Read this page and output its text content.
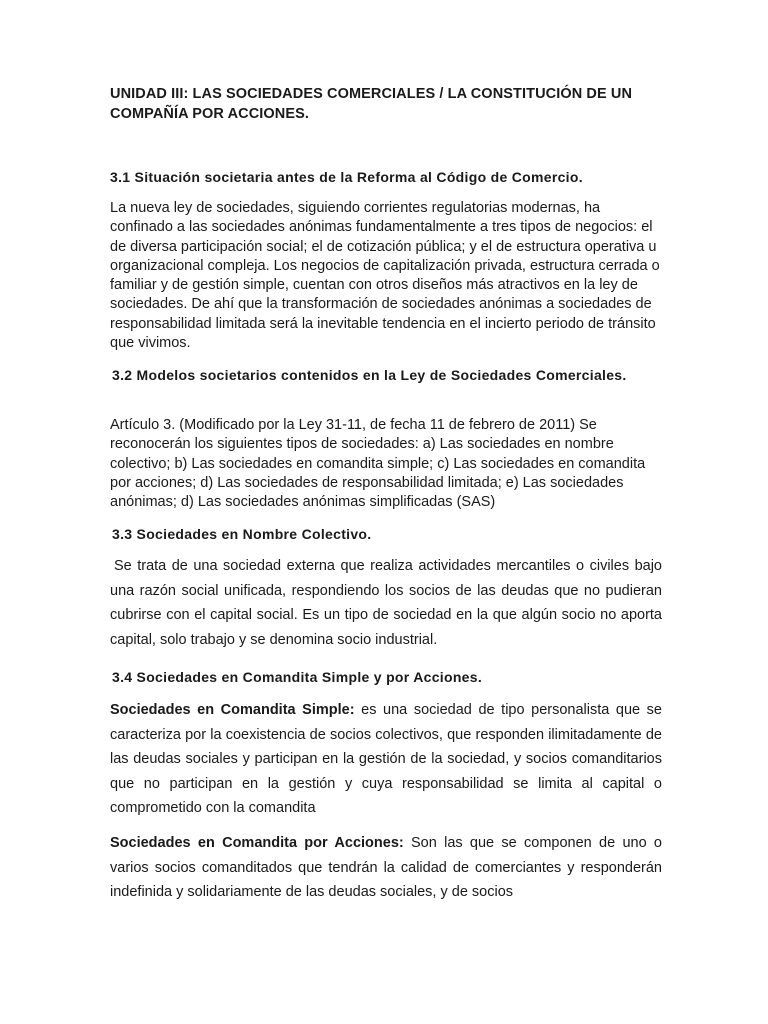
UNIDAD III: LAS SOCIEDADES COMERCIALES / LA CONSTITUCIÓN DE UN COMPAÑÍA POR ACCIONES.
3.1 Situación societaria antes de la Reforma al Código de Comercio.
La nueva ley de sociedades, siguiendo corrientes regulatorias modernas, ha confinado a las sociedades anónimas fundamentalmente a tres tipos de negocios: el de diversa participación social; el de cotización pública; y el de estructura operativa u organizacional compleja. Los negocios de capitalización privada, estructura cerrada o familiar y de gestión simple, cuentan con otros diseños más atractivos en la ley de sociedades. De ahí que la transformación de sociedades anónimas a sociedades de responsabilidad limitada será la inevitable tendencia en el incierto periodo de tránsito que vivimos.
3.2 Modelos societarios contenidos en la Ley de Sociedades Comerciales.
Artículo 3. (Modificado por la Ley 31-11, de fecha 11 de febrero de 2011) Se reconocerán los siguientes tipos de sociedades: a) Las sociedades en nombre colectivo; b) Las sociedades en comandita simple; c) Las sociedades en comandita por acciones; d) Las sociedades de responsabilidad limitada; e) Las sociedades anónimas; d) Las sociedades anónimas simplificadas (SAS)
3.3 Sociedades en Nombre Colectivo.
Se trata de una sociedad externa que realiza actividades mercantiles o civiles bajo una razón social unificada, respondiendo los socios de las deudas que no pudieran cubrirse con el capital social. Es un tipo de sociedad en la que algún socio no aporta capital, solo trabajo y se denomina socio industrial.
3.4 Sociedades en Comandita Simple y por Acciones.
Sociedades en Comandita Simple: es una sociedad de tipo personalista que se caracteriza por la coexistencia de socios colectivos, que responden ilimitadamente de las deudas sociales y participan en la gestión de la sociedad, y socios comanditarios que no participan en la gestión y cuya responsabilidad se limita al capital o comprometido con la comandita
Sociedades en Comandita por Acciones: Son las que se componen de uno o varios socios comanditados que tendrán la calidad de comerciantes y responderán indefinida y solidariamente de las deudas sociales, y de socios
